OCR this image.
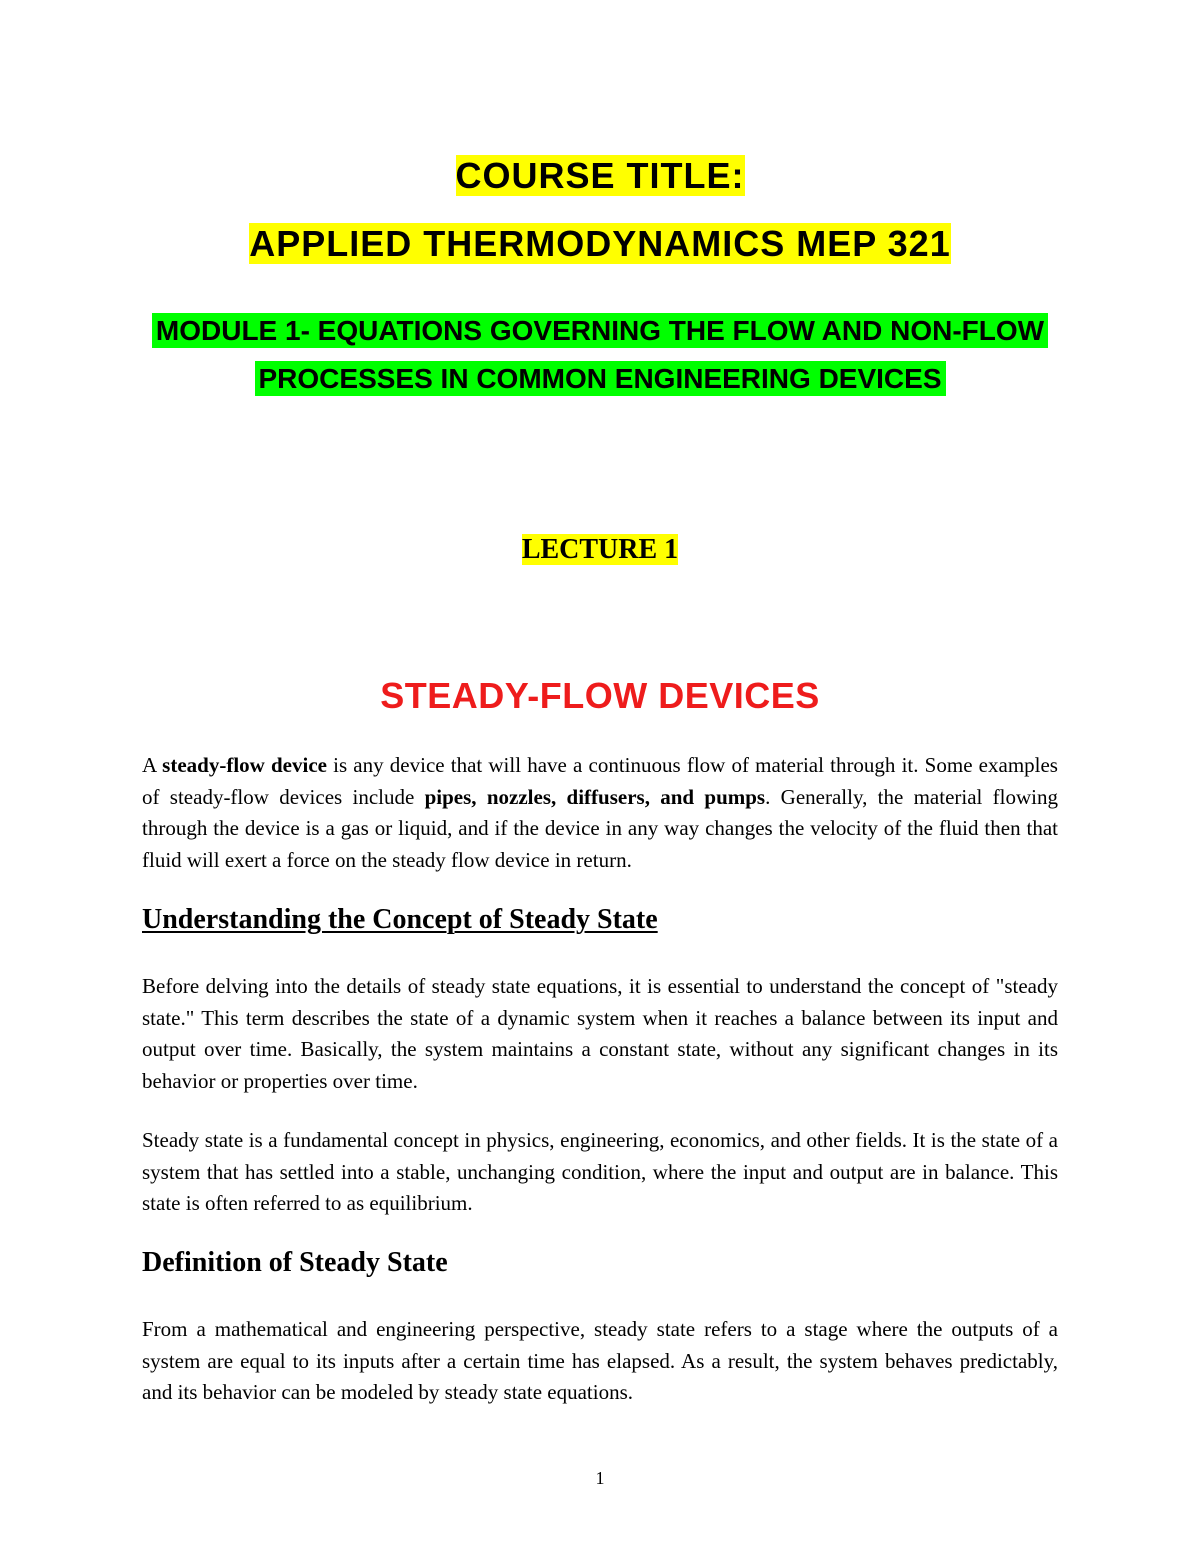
COURSE TITLE:
APPLIED THERMODYNAMICS MEP 321
MODULE 1- EQUATIONS GOVERNING THE FLOW AND NON-FLOW PROCESSES IN COMMON ENGINEERING DEVICES
LECTURE 1
STEADY-FLOW DEVICES

A steady-flow device is any device that will have a continuous flow of material through it. Some examples of steady-flow devices include pipes, nozzles, diffusers, and pumps. Generally, the material flowing through the device is a gas or liquid, and if the device in any way changes the velocity of the fluid then that fluid will exert a force on the steady flow device in return.

Understanding the Concept of Steady State

Before delving into the details of steady state equations, it is essential to understand the concept of "steady state." This term describes the state of a dynamic system when it reaches a balance between its input and output over time. Basically, the system maintains a constant state, without any significant changes in its behavior or properties over time.

Steady state is a fundamental concept in physics, engineering, economics, and other fields. It is the state of a system that has settled into a stable, unchanging condition, where the input and output are in balance. This state is often referred to as equilibrium.

Definition of Steady State

From a mathematical and engineering perspective, steady state refers to a stage where the outputs of a system are equal to its inputs after a certain time has elapsed. As a result, the system behaves predictably, and its behavior can be modeled by steady state equations.

1
